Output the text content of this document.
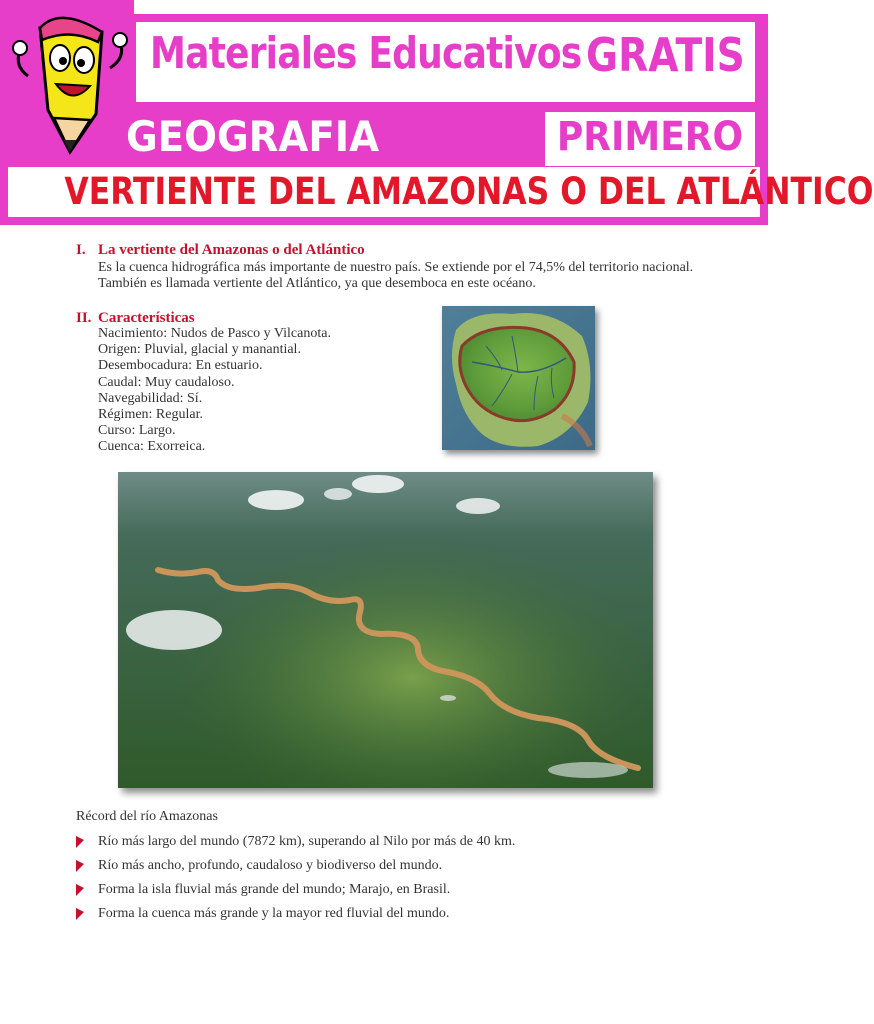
Materiales Educativos GRATIS
GEOGRAFIA	PRIMERO
VERTIENTE DEL AMAZONAS O DEL ATLÁNTICO
I. La vertiente del Amazonas o del Atlántico
Es la cuenca hidrográfica más importante de nuestro país. Se extiende por el 74,5% del territorio nacional.
También es llamada vertiente del Atlántico, ya que desemboca en este océano.
II. Características
Nacimiento: Nudos de Pasco y Vilcanota.
Origen: Pluvial, glacial y manantial.
Desembocadura: En estuario.
Caudal: Muy caudaloso.
Navegabilidad: Sí.
Régimen: Regular.
Curso: Largo.
Cuenca: Exorreica.
Récord del río Amazonas
Río más largo del mundo (7872 km), superando al Nilo por más de 40 km.
Río más ancho, profundo, caudaloso y biodiverso del mundo.
Forma la isla fluvial más grande del mundo; Marajo, en Brasil.
Forma la cuenca más grande y la mayor red fluvial del mundo.
